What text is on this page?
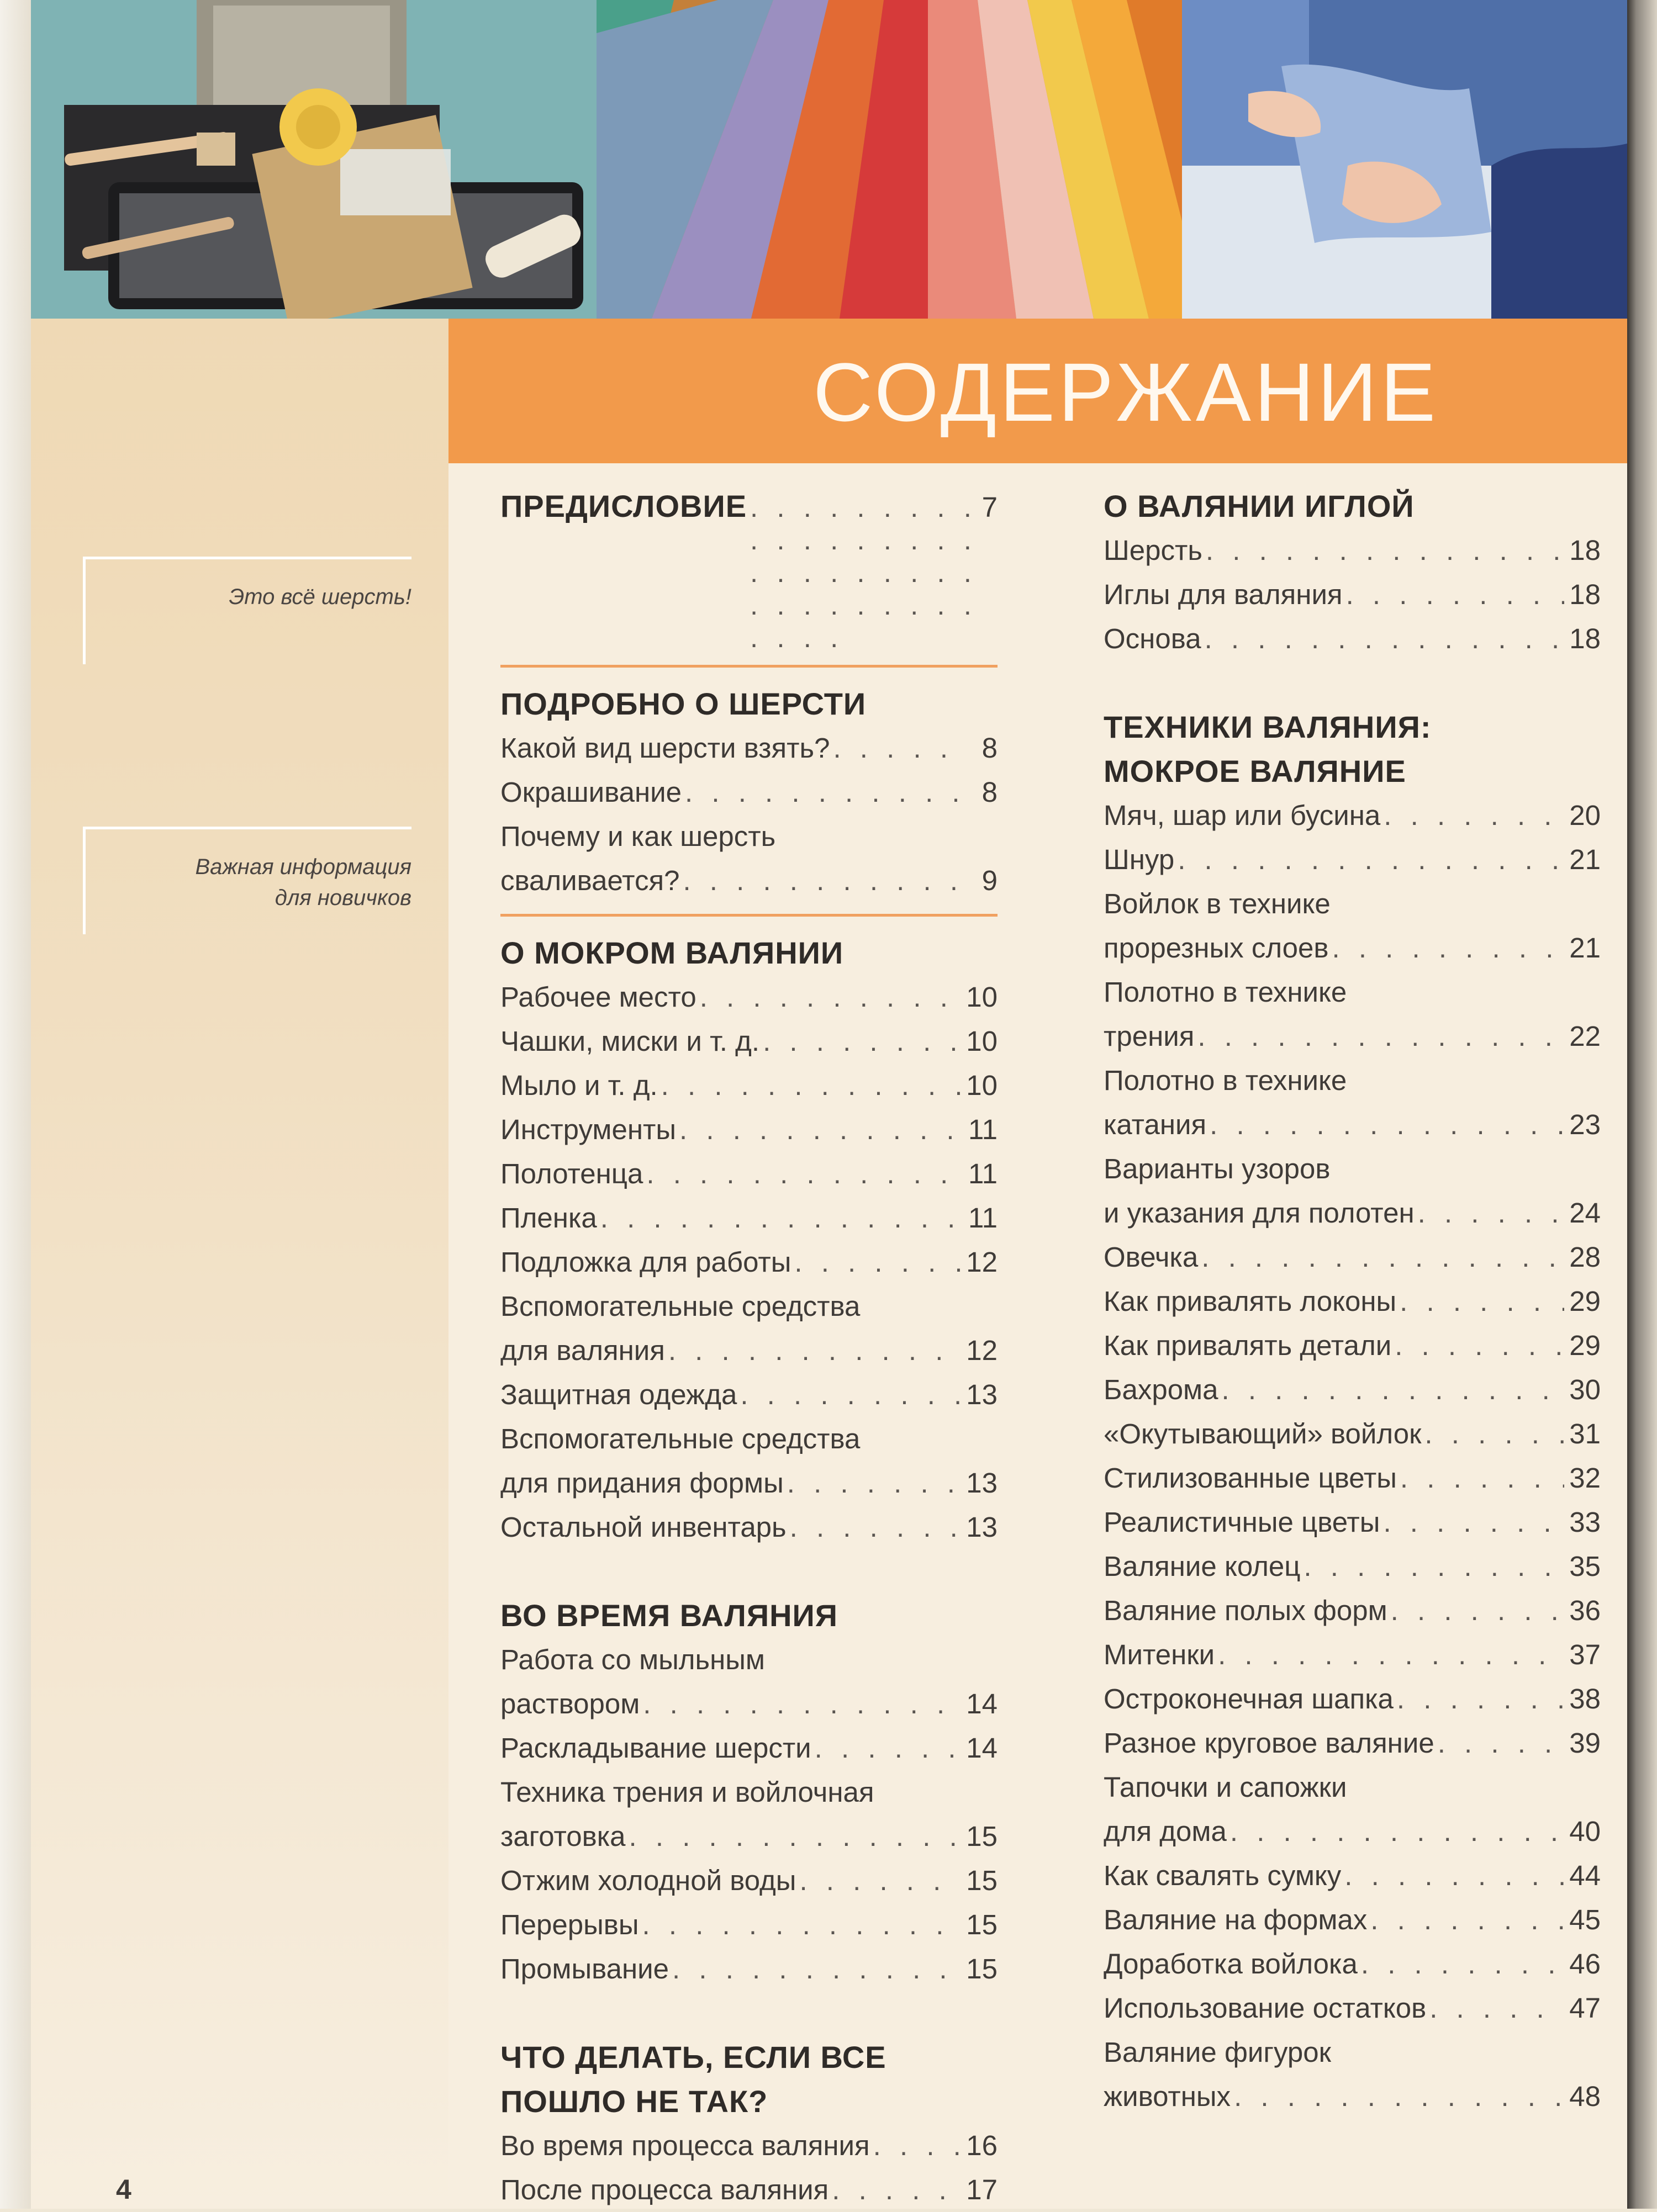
Это всё шерсть!
Важная информация
для новичков
СОДЕРЖАНИЕ
ПРЕДИСЛОВИЕ . . .	7
ПОДРОБНО О ШЕРСТИ
Какой вид шерсти взять? . . .	8
Окрашивание . . .	8
Почему и как шерсть
сваливается? . . .	9
О МОКРОМ ВАЛЯНИИ
Рабочее место . . .	10
Чашки, миски и т. д. . . .	10
Мыло и т. д. . . .	10
Инструменты . . .	11
Полотенца . . .	11
Пленка . . .	11
Подложка для работы . . .	12
Вспомогательные средства
для валяния . . .	12
Защитная одежда . . .	13
Вспомогательные средства
для придания формы . . .	13
Остальной инвентарь . . .	13
ВО ВРЕМЯ ВАЛЯНИЯ
Работа со мыльным
раствором . . .	14
Раскладывание шерсти . . .	14
Техника трения и войлочная
заготовка . . .	15
Отжим холодной воды . . .	15
Перерывы . . .	15
Промывание . . .	15
ЧТО ДЕЛАТЬ, ЕСЛИ ВСЕ
ПОШЛО НЕ ТАК?
Во время процесса валяния . . .	16
После процесса валяния . . .	17
О ВАЛЯНИИ ИГЛОЙ
Шерсть . . .	18
Иглы для валяния . . .	18
Основа . . .	18
ТЕХНИКИ ВАЛЯНИЯ:
МОКРОЕ ВАЛЯНИЕ
Мяч, шар или бусина . . .	20
Шнур . . .	21
Войлок в технике
прорезных слоев . . .	21
Полотно в технике
трения . . .	22
Полотно в технике
катания . . .	23
Варианты узоров
и указания для полотен . . .	24
Овечка . . .	28
Как привалять локоны . . .	29
Как привалять детали . . .	29
Бахрома . . .	30
«Окутывающий» войлок . . .	31
Стилизованные цветы . . .	32
Реалистичные цветы . . .	33
Валяние колец . . .	35
Валяние полых форм . . .	36
Митенки . . .	37
Остроконечная шапка . . .	38
Разное круговое валяние . . .	39
Тапочки и сапожки
для дома . . .	40
Как свалять сумку . . .	44
Валяние на формах . . .	45
Доработка войлока . . .	46
Использование остатков . . .	47
Валяние фигурок
животных . . .	48
4
